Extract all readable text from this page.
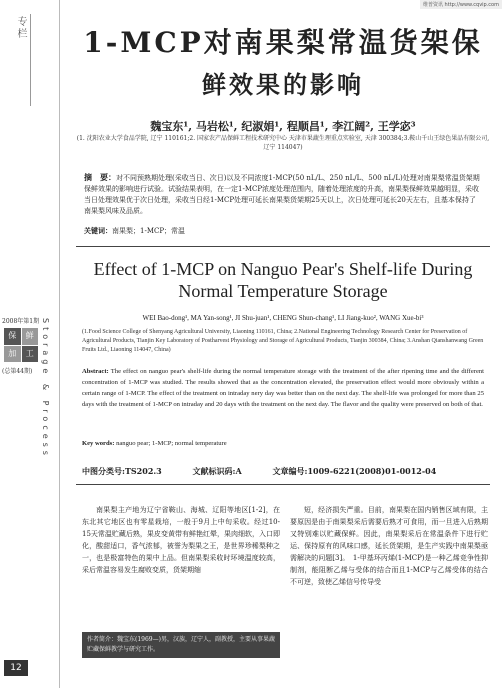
维普资讯 http://www.cqvip.com
专栏
2008年第1期
保	鲜
加	工
(总第44期)	Storage & Process
12
1-MCP对南果梨常温货架保
鲜效果的影响
魏宝东¹, 马岩松¹, 纪淑娟¹, 程顺昌¹, 李江阔², 王学宓³
(1. 沈阳农业大学食品学院, 辽宁 110161;2. 国家农产品保鲜工程技术研究中心 天津市果蔬生理重点实验室, 天津 300384;3.鞍山千山王绿色果品有限公司, 辽宁 114047)
摘　要：对不同预熟期处理(采收当日、次日)以及不同浓度1-MCP(50 nL/L、250 nL/L、500 nL/L)处理对南果梨常温货架期保鲜效果的影响进行试验。试验结果表明，在一定1-MCP浓度处理范围内，随着处理浓度的升高，南果梨保鲜效果越明显，采收当日处理效果优于次日处理，采收当日经1-MCP处理可延长南果梨货架期25天以上，次日处理可延长20天左右，且基本保持了南果梨风味及品质。
关键词：南果梨；1-MCP；常温
Effect of 1-MCP on Nanguo Pear's Shelf-life During Normal Temperature Storage
WEI Bao-dong¹, MA Yan-song¹, JI Shu-juan¹, CHENG Shun-chang¹, LI Jiang-kuo², WANG Xue-bi³
(1.Food Science College of Shenyang Agricultural University, Liaoning 110161, China; 2.National Engineering Technology Research Center for Preservation of Agricultural Products, Tianjin Key Laboratory of Postharvest Physiology and Storage of Agricultural Products, Tianjin 300384, China; 3.Anshan Qianshanwang Green Fruits Ltd., Liaoning 114047, China)
Abstract: The effect on nanguo pear's shelf-life during the normal temperature storage with the treatment of the after ripening time and the different concentration of 1-MCP was studied. The results showed that as the concentration elevated, the preservation effect would more obviously within a certain range of 1-MCP. The effect of the treatment on intraday nery day was better than on the next day. The shelf-life was prolonged for more than 25 days with the treatment of 1-MCP on intraday and 20 days with the treatment on the next day. The flavor and the quality were preserved on both of that.
Key words: nanguo pear; 1-MCP; normal temperature
中图分类号:TS202.3	文献标识码:A	文章编号:1009-6221(2008)01-0012-04

南果梨主产地为辽宁省鞍山、海城、辽阳等地区[1-2]，在东北其它地区也有零星栽培，一般于9月上中旬采收。经过10-15天常温贮藏后熟，果皮变黄带有鲜艳红晕，果肉细软，入口即化，酸甜适口，香气浓郁，被誉为梨果之王，是世界珍稀梨种之一，也是极富特色的果中上品。但南果梨采收时环境温度较高，采后常温容易发生腐败变质，货架期缩

短，经济损失严重。目前，南果梨在国内销售区域有限，主要原因是由于南果梨采后需要后熟才可食用，而一旦进入后熟期又特别难以贮藏保鲜。因此，南果梨采后在常温条件下进行贮运、保持原有的风味口感，延长货架期，是生产实践中南果梨亟需解决的问题[3]。　1-甲基环丙烯(1-MCP)是一种乙烯竞争性抑制剂，能阻断乙烯与受体的结合而且1-MCP与乙烯受体的结合不可逆，致使乙烯信号传导受

作者简介：魏宝东(1969—)男，汉族，辽宁人，副教授，主要从事果蔬贮藏保鲜教学与研究工作。
